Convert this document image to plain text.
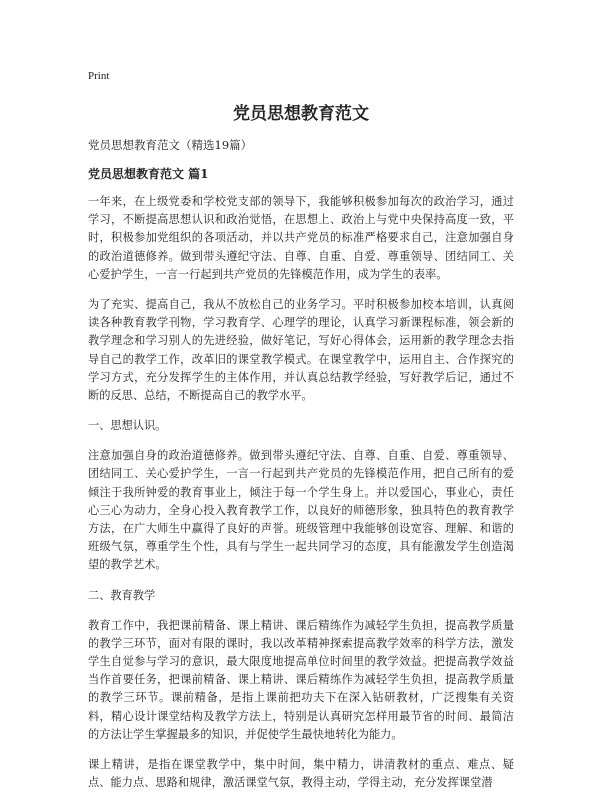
Print
党员思想教育范文
党员思想教育范文（精选19篇）
党员思想教育范文 篇1
一年来，在上级党委和学校党支部的领导下，我能够积极参加每次的政治学习，通过学习，不断提高思想认识和政治觉悟，在思想上、政治上与党中央保持高度一致，平时，积极参加党组织的各项活动，并以共产党员的标准严格要求自己，注意加强自身的政治道德修养。做到带头遵纪守法、自尊、自重、自爱、尊重领导、团结同工、关心爱护学生，一言一行起到共产党员的先锋模范作用，成为学生的表率。
为了充实、提高自己，我从不放松自己的业务学习。平时积极参加校本培训，认真阅读各种教育教学刊物，学习教育学、心理学的理论，认真学习新课程标准，领会新的教学理念和学习别人的先进经验，做好笔记，写好心得体会，运用新的教学理念去指导自己的教学工作，改革旧的课堂教学模式。在课堂教学中，运用自主、合作探究的学习方式，充分发挥学生的主体作用，并认真总结教学经验，写好教学后记，通过不断的反思、总结，不断提高自己的教学水平。
一、思想认识。
注意加强自身的政治道德修养。做到带头遵纪守法、自尊、自重、自爱、尊重领导、团结同工、关心爱护学生，一言一行起到共产党员的先锋模范作用，把自己所有的爱倾注于我所钟爱的教育事业上，倾注于每一个学生身上。并以爱国心，事业心，责任心三心为动力，全身心投入教育教学工作，以良好的师德形象，独具特色的教育教学方法，在广大师生中赢得了良好的声誉。班级管理中我能够创设宽容、理解、和谐的班级气氛，尊重学生个性，具有与学生一起共同学习的态度，具有能激发学生创造渴望的教学艺术。
二、教育教学
教育工作中，我把课前精备、课上精讲、课后精练作为减轻学生负担，提高教学质量的教学三环节，面对有限的课时，我以改革精神探索提高教学效率的科学方法，激发学生自觉参与学习的意识，最大限度地提高单位时间里的教学效益。把提高教学效益当作首要任务，把课前精备、课上精讲、课后精练作为减轻学生负担，提高教学质量的教学三环节。课前精备，是指上课前把功夫下在深入钻研教材，广泛搜集有关资料，精心设计课堂结构及教学方法上，特别是认真研究怎样用最节省的时间、最简洁的方法让学生掌握最多的知识，并促使学生最快地转化为能力。
课上精讲，是指在课堂教学中，集中时间，集中精力，讲清教材的重点、难点、疑点、能力点、思路和规律，激活课堂气氛，教得主动，学得主动，充分发挥课堂潜
